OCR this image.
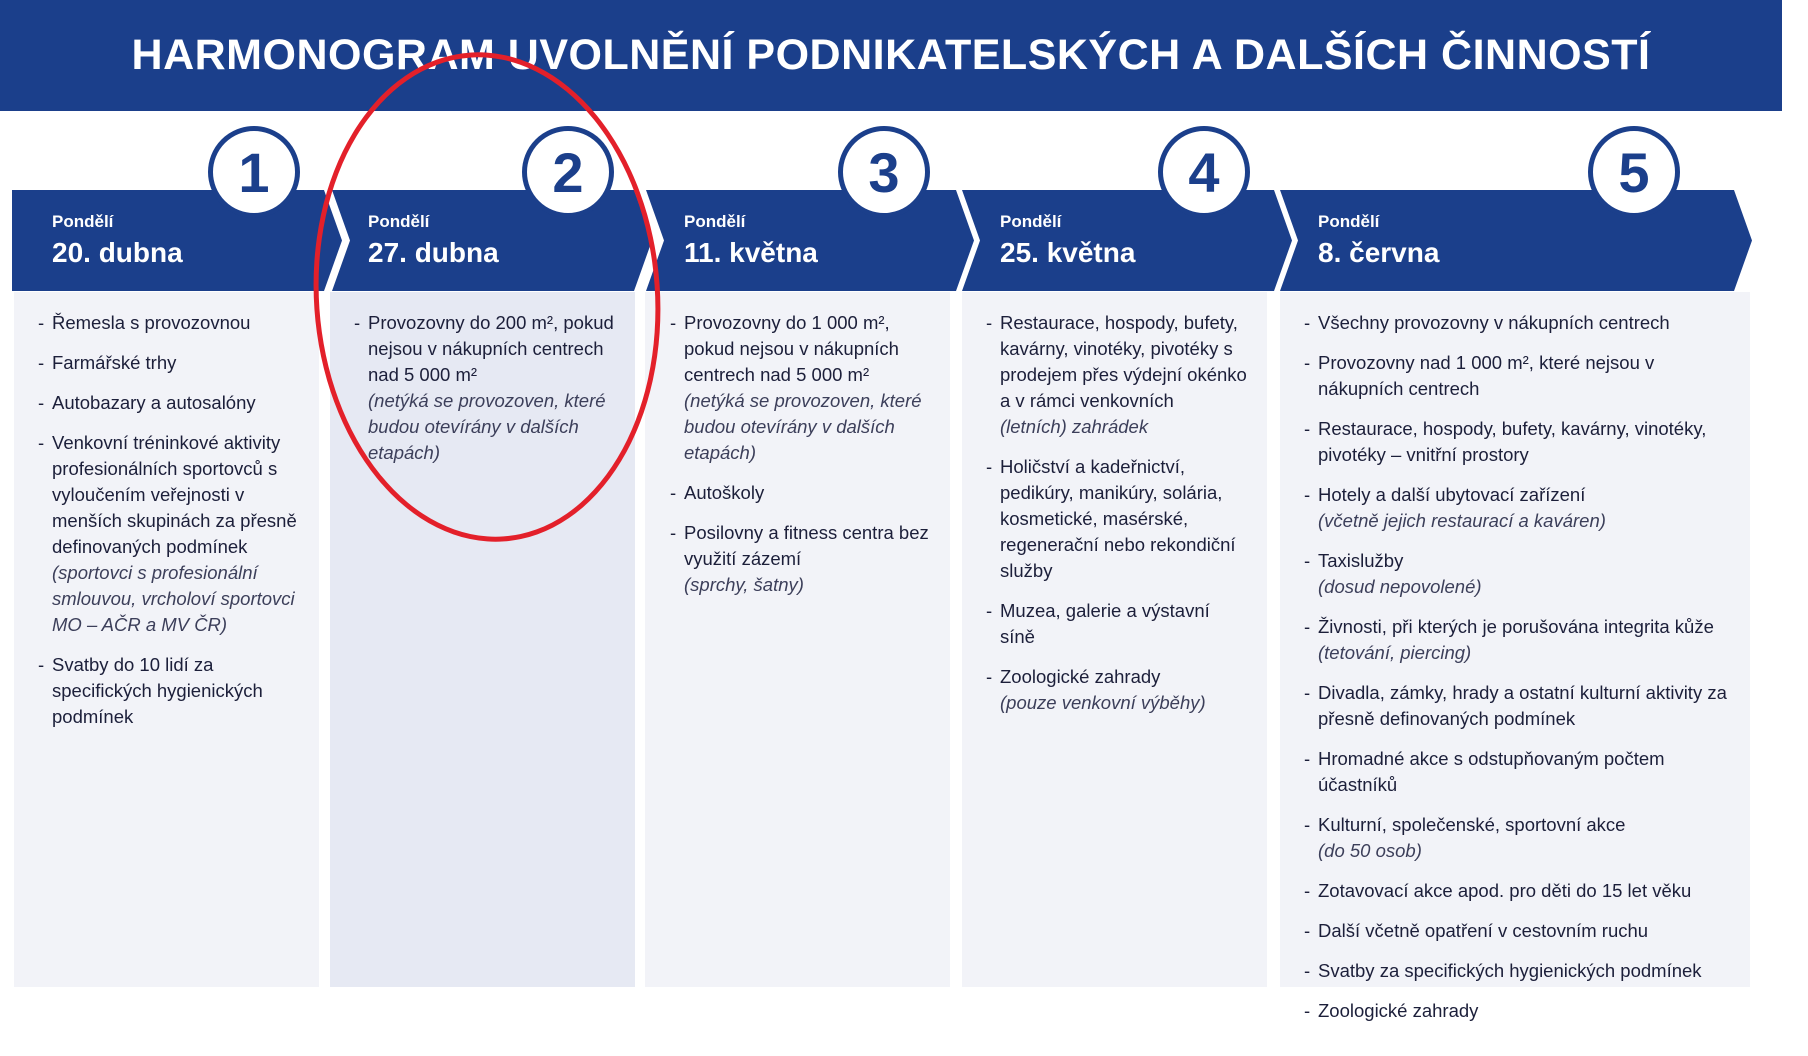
HARMONOGRAM UVOLNĚNÍ PODNIKATELSKÝCH A DALŠÍCH ČINNOSTÍ
Pondělí
20. dubna
1
- Řemesla s provozovnou
- Farmářské trhy
- Autobazary a autosalóny
- Venkovní tréninkové aktivity profesionálních sportovců s vyloučením veřejnosti v menších skupinách za přesně definovaných podmínek
(sportovci s profesionální smlouvou, vrcholoví sportovci MO – AČR a MV ČR)
- Svatby do 10 lidí za specifických hygienických podmínek
Pondělí
27. dubna
2
- Provozovny do 200 m², pokud nejsou v nákupních centrech nad 5 000 m²
(netýká se provozoven, které budou otevírány v dalších etapách)
Pondělí
11. května
3
- Provozovny do 1 000 m², pokud nejsou v nákupních centrech nad 5 000 m²
(netýká se provozoven, které budou otevírány v dalších etapách)
- Autoškoly
- Posilovny a fitness centra bez využití zázemí
(sprchy, šatny)
Pondělí
25. května
4
- Restaurace, hospody, bufety, kavárny, vinotéky, pivotéky s prodejem přes výdejní okénko a v rámci venkovních
(letních) zahrádek
- Holičství a kadeřnictví, pedikúry, manikúry, solária, kosmetické, masérské, regenerační nebo rekondiční služby
- Muzea, galerie a výstavní síně
- Zoologické zahrady
(pouze venkovní výběhy)
Pondělí
8. června
5
- Všechny provozovny v nákupních centrech
- Provozovny nad 1 000 m², které nejsou v nákupních centrech
- Restaurace, hospody, bufety, kavárny, vinotéky, pivotéky – vnitřní prostory
- Hotely a další ubytovací zařízení
(včetně jejich restaurací a kaváren)
- Taxislužby
(dosud nepovolené)
- Živnosti, při kterých je porušována integrita kůže
(tetování, piercing)
- Divadla, zámky, hrady a ostatní kulturní aktivity za přesně definovaných podmínek
- Hromadné akce s odstupňovaným počtem účastníků
- Kulturní, společenské, sportovní akce
(do 50 osob)
- Zotavovací akce apod. pro děti do 15 let věku
- Další včetně opatření v cestovním ruchu
- Svatby za specifických hygienických podmínek
- Zoologické zahrady
